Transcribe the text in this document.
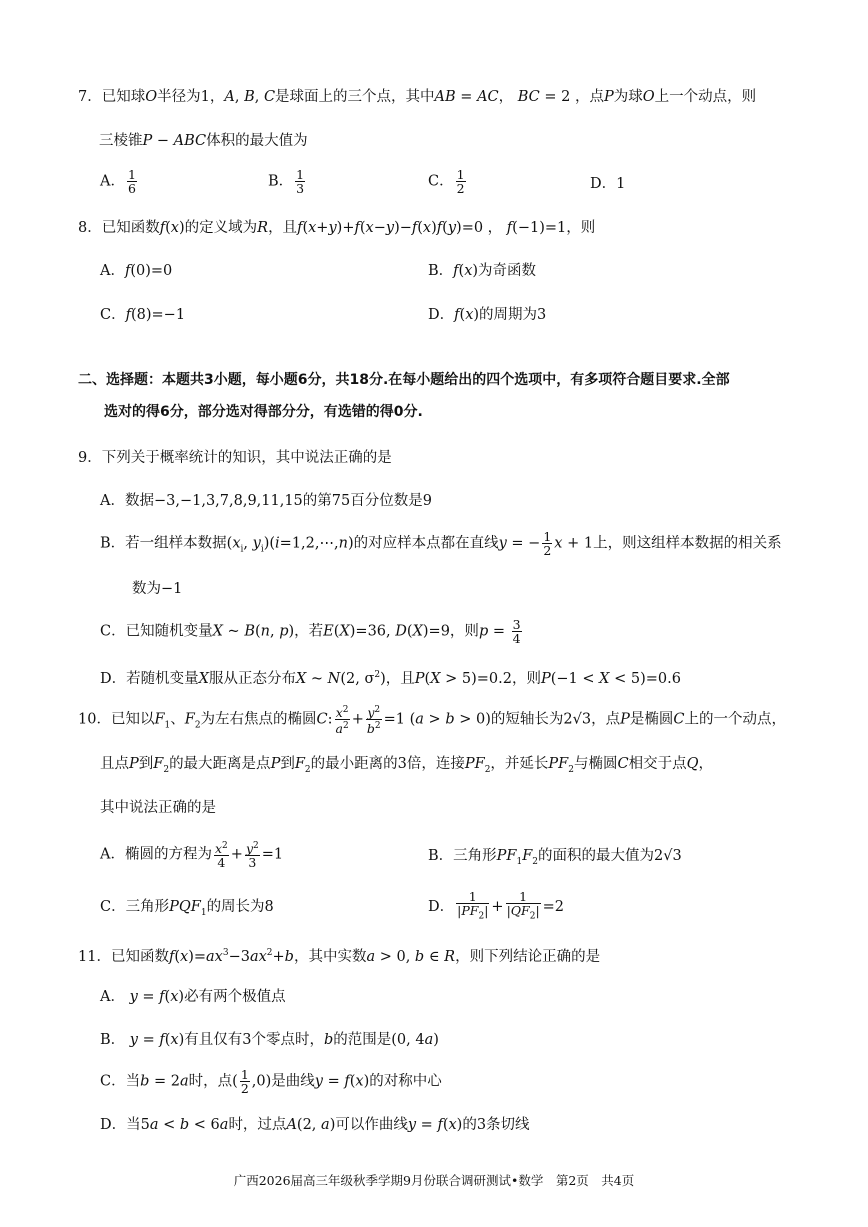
7．已知球O半径为1，A, B, C是球面上的三个点，其中AB = AC， BC = 2 ，点P为球O上一个动点，则
三棱锥P − ABC体积的最大值为
A． $\frac{1}{6}$	B． $\frac{1}{3}$	C． $\frac{1}{2}$	D．1
8．已知函数f(x)的定义域为R，且f(x+y)+f(x−y)−f(x)f(y)=0 ， f(−1)=1，则
A．f(0)=0	B．f(x)为奇函数
C．f(8)=−1	D．f(x)的周期为3
二、选择题：本题共3小题，每小题6分，共18分.在每小题给出的四个选项中，有多项符合题目要求.全部
选对的得6分，部分选对得部分分，有选错的得0分.
9．下列关于概率统计的知识，其中说法正确的是
A．数据−3,−1,3,7,8,9,11,15的第75百分位数是9
B．若一组样本数据($x_i$, $y_i)(i=1,2,\cdots,n)$的对应样本点都在直线y = − $\frac{1}{2}$ x + 1上，则这组样本数据的相关系
数为−1
C．已知随机变量X ~ B(n, p)，若E(X)=36, D(X)=9，则$p = \frac{3}{4}$
D．若随机变量X服从正态分布X ~ N(2, $\sigma^2$)，且P(X > 5)=0.2，则P(−1 < X < 5)=0.6
10．已知以$F_1$、$F_2$为左右焦点的椭圆C: $\frac{x^2}{a^2} + \frac{y^2}{b^2} =1$ (a > b > 0)的短轴长为2√3，点P是椭圆C上的一个动点，
且点P到$F_2$的最大距离是点P到$F_2$的最小距离的3倍，连接$PF_2$，并延长$PF_2$与椭圆C相交于点Q，
其中说法正确的是
A．椭圆的方程为 $\frac{x^2}{4} + \frac{y^2}{3} =1$	B．三角形$PF_1F_2$的面积的最大值为2√3
C．三角形$PQF_1$的周长为8	D． $\frac{1}{|PF_2|} + \frac{1}{|QF_2|} =2$
11．已知函数$f(x)=ax^3-3ax^2+b$，其中实数a > 0, b ∈ R，则下列结论正确的是
A． y = f(x)必有两个极值点
B． y = f(x)有且仅有3个零点时，b的范围是(0, 4a)
C．当b = 2a时，点( $\frac{1}{2} ,0$)是曲线y = f(x)的对称中心
D．当5a < b < 6a时，过点A(2, a)可以作曲线y = f(x)的3条切线
广西2026届高三年级秋季学期9月份联合调研测试•数学　第2页　共4页
